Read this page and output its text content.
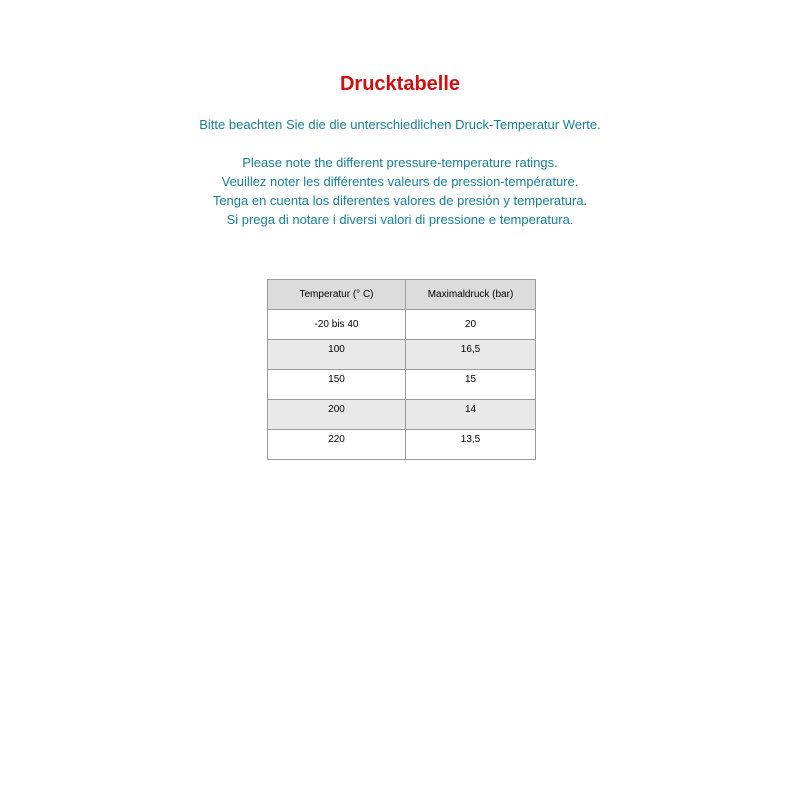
Drucktabelle
Bitte beachten Sie die die unterschiedlichen Druck-Temperatur Werte.
Please note the different pressure-temperature ratings.
Veuillez noter les différentes valeurs de pression-température.
Tenga en cuenta los diferentes valores de presión y temperatura.
Si prega di notare i diversi valori di pressione e temperatura.
Temperatur (° C)	Maximaldruck (bar)
-20 bis 40	20
100	16,5
150	15
200	14
220	13,5
